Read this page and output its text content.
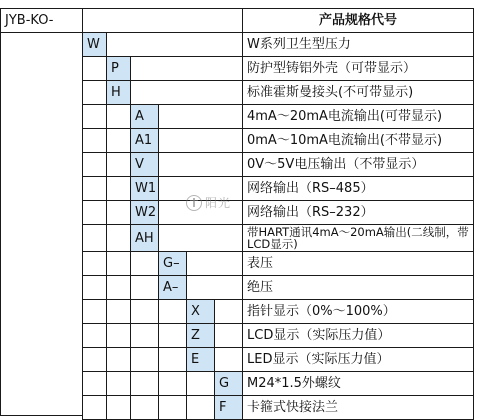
JYB-KO-	产品规格代号
W	W系列卫生型压力
P	防护型铸铝外壳（可带显示）
H	标准霍斯曼接头(不可带显示)
A	4mA～20mA电流输出(可带显示)
A1	0mA～10mA电流输出(不带显示)
V	0V～5V电压输出（不带显示）
W1	网络输出（RS–485）
W2	网络输出（RS–232）
AH	带HART通讯4mA～20mA输出(二线制，带LCD显示)
G–	表压
A–	绝压
X	指针显示（0%～100%）
Z	LCD显示（实际压力值）
E	LED显示（实际压力值）
G	M24*1.5外螺纹
F	卡箍式快接法兰
阳光
